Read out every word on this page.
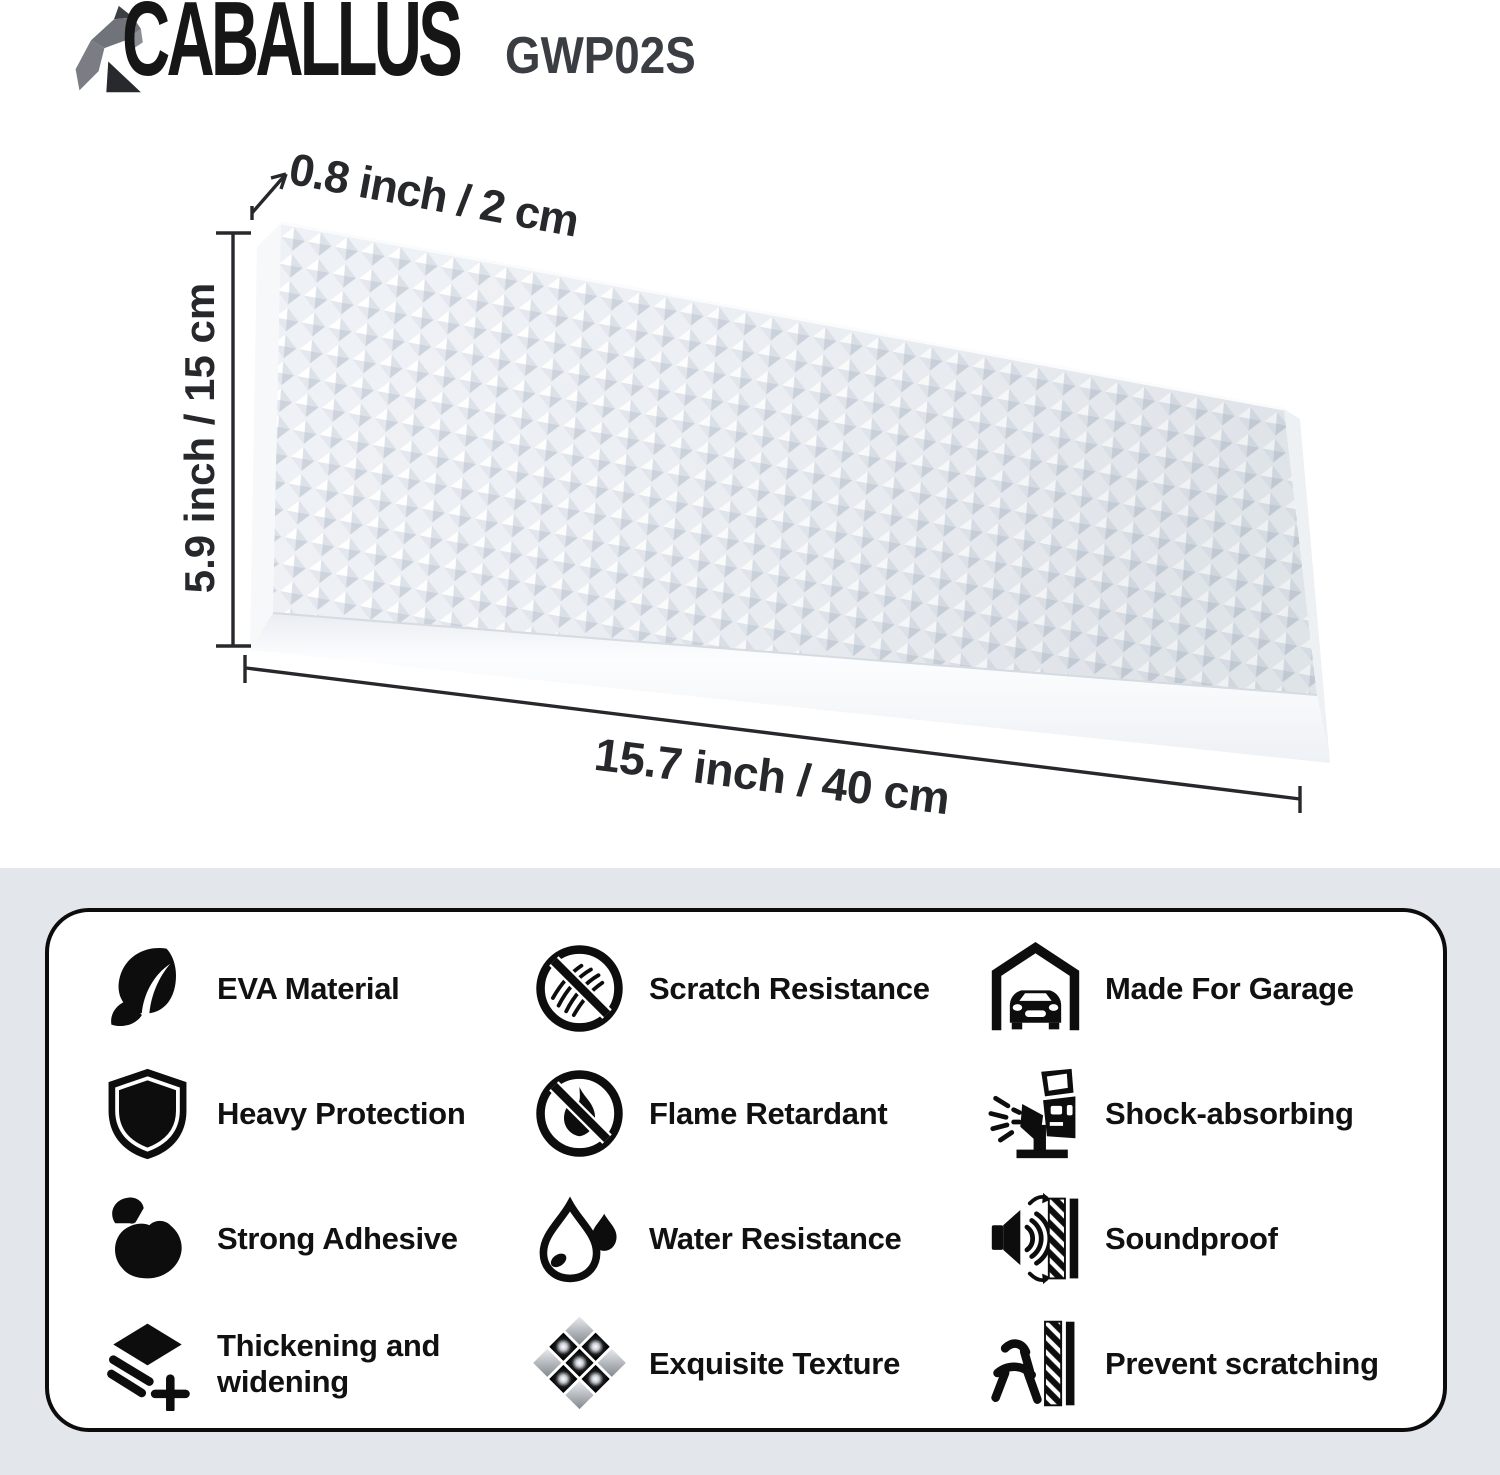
CABALLUS GWP02S
0.8 inch / 2 cm
5.9 inch / 15 cm
15.7 inch / 40 cm
EVA Material
Heavy Protection
Strong Adhesive
Thickening and widening
Scratch Resistance
Flame Retardant
Water Resistance
Exquisite Texture
Made For Garage
Shock-absorbing
Soundproof
Prevent scratching
